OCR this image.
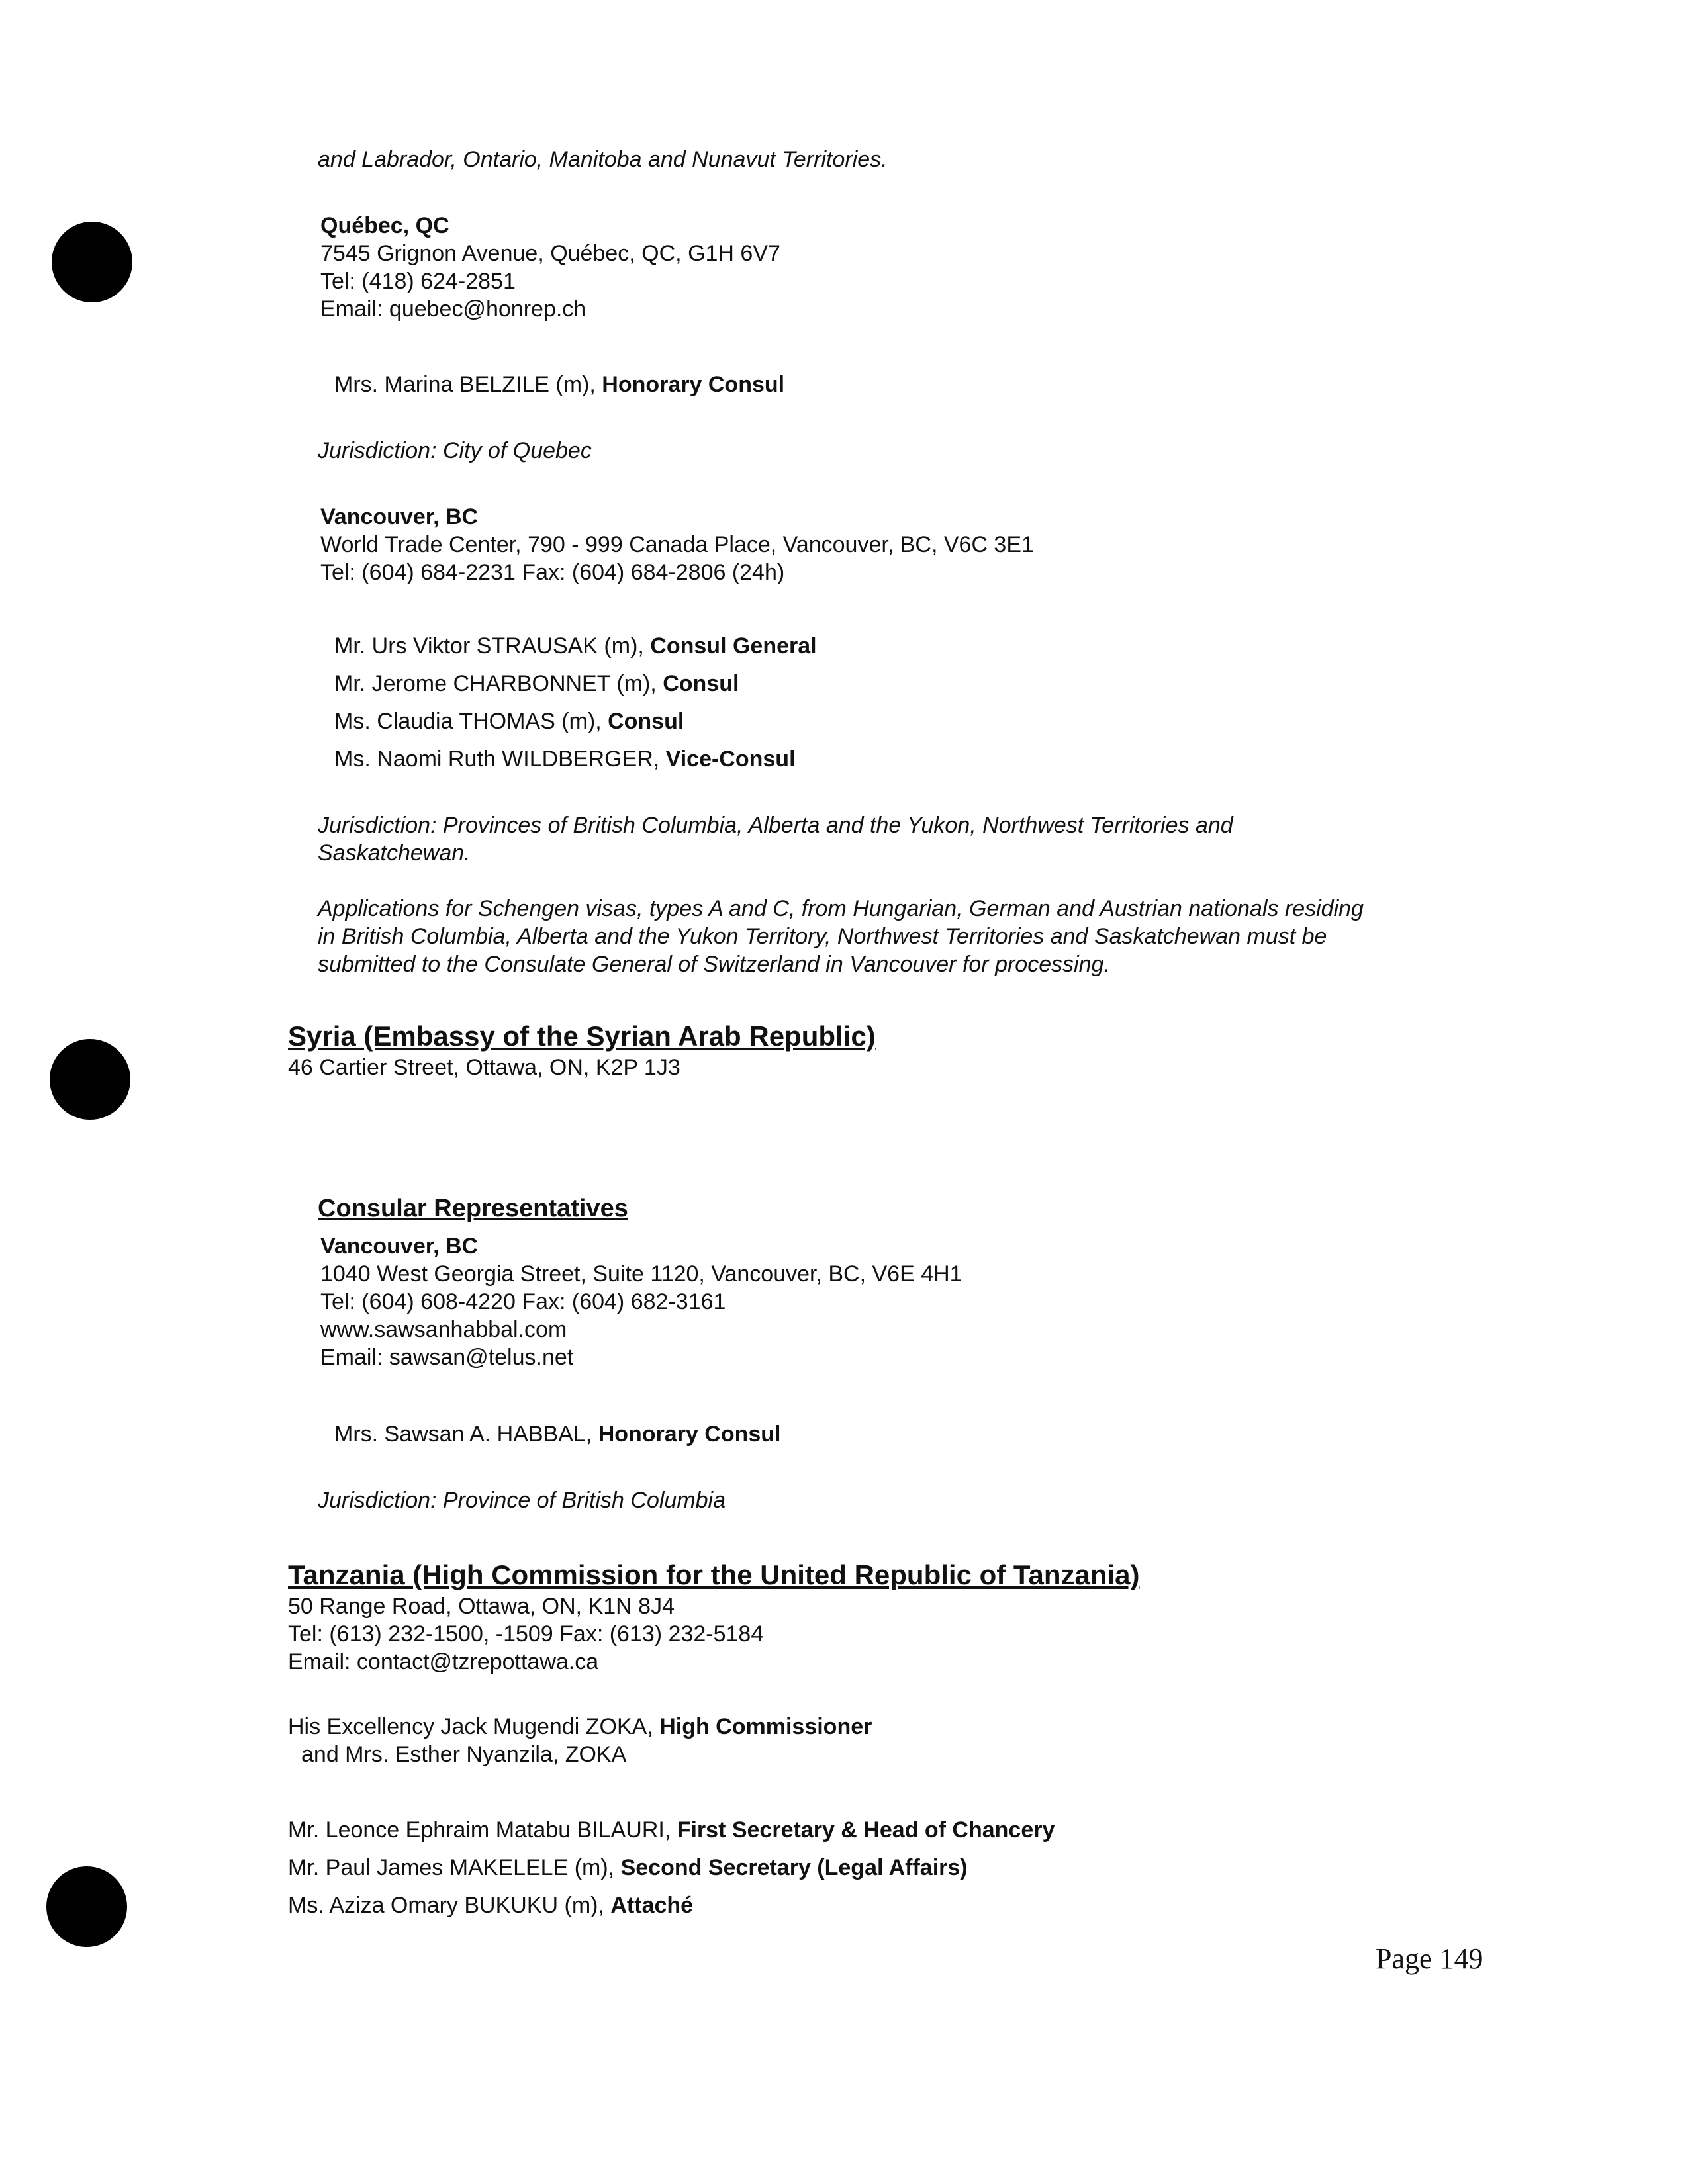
and Labrador, Ontario, Manitoba and Nunavut Territories.

Québec, QC
7545 Grignon Avenue, Québec, QC, G1H 6V7
Tel: (418) 624-2851
Email: quebec@honrep.ch

Mrs. Marina BELZILE (m), Honorary Consul

Jurisdiction: City of Quebec

Vancouver, BC
World Trade Center, 790 - 999 Canada Place, Vancouver, BC, V6C 3E1
Tel: (604) 684-2231 Fax: (604) 684-2806 (24h)

Mr. Urs Viktor STRAUSAK (m), Consul General

Mr. Jerome CHARBONNET (m), Consul

Ms. Claudia THOMAS (m), Consul

Ms. Naomi Ruth WILDBERGER, Vice-Consul

Jurisdiction: Provinces of British Columbia, Alberta and the Yukon, Northwest Territories and
Saskatchewan.
Applications for Schengen visas, types A and C, from Hungarian, German and Austrian nationals residing
in British Columbia, Alberta and the Yukon Territory, Northwest Territories and Saskatchewan must be
submitted to the Consulate General of Switzerland in Vancouver for processing.

Syria (Embassy of the Syrian Arab Republic)

46 Cartier Street, Ottawa, ON, K2P 1J3

Consular Representatives

Vancouver, BC
1040 West Georgia Street, Suite 1120, Vancouver, BC, V6E 4H1
Tel: (604) 608-4220 Fax: (604) 682-3161
www.sawsanhabbal.com
Email: sawsan@telus.net

Mrs. Sawsan A. HABBAL, Honorary Consul

Jurisdiction: Province of British Columbia

Tanzania (High Commission for the United Republic of Tanzania)

50 Range Road, Ottawa, ON, K1N 8J4
Tel: (613) 232-1500, -1509 Fax: (613) 232-5184
Email: contact@tzrepottawa.ca
His Excellency Jack Mugendi ZOKA, High Commissioner
and Mrs. Esther Nyanzila, ZOKA

Mr. Leonce Ephraim Matabu BILAURI, First Secretary & Head of Chancery

Mr. Paul James MAKELELE (m), Second Secretary (Legal Affairs)

Ms. Aziza Omary BUKUKU (m), Attaché

Page 149
